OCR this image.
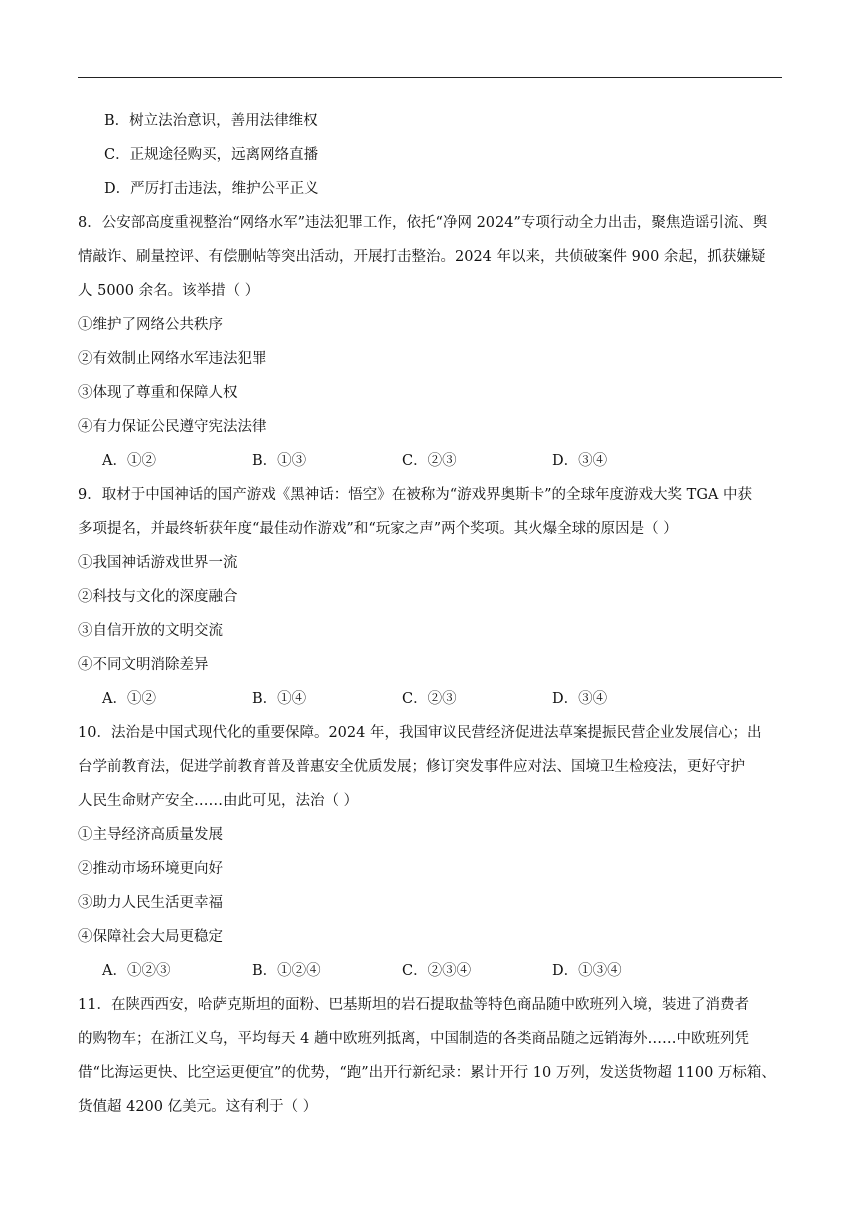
B．树立法治意识，善用法律维权
C．正规途径购买，远离网络直播
D．严厉打击违法，维护公平正义
8．公安部高度重视整治“网络水军”违法犯罪工作，依托“净网 2024”专项行动全力出击，聚焦造谣引流、舆
情敲诈、刷量控评、有偿删帖等突出活动，开展打击整治。2024 年以来，共侦破案件 900 余起，抓获嫌疑
人 5000 余名。该举措（ ）
①维护了网络公共秩序
②有效制止网络水军违法犯罪
③体现了尊重和保障人权
④有力保证公民遵守宪法法律
A．①②	B．①③	C．②③	D．③④
9．取材于中国神话的国产游戏《黑神话：悟空》在被称为“游戏界奥斯卡”的全球年度游戏大奖 TGA 中获
多项提名，并最终斩获年度“最佳动作游戏”和“玩家之声”两个奖项。其火爆全球的原因是（ ）
①我国神话游戏世界一流
②科技与文化的深度融合
③自信开放的文明交流
④不同文明消除差异
A．①②	B．①④	C．②③	D．③④
10．法治是中国式现代化的重要保障。2024 年，我国审议民营经济促进法草案提振民营企业发展信心；出
台学前教育法，促进学前教育普及普惠安全优质发展；修订突发事件应对法、国境卫生检疫法，更好守护
人民生命财产安全……由此可见，法治（ ）
①主导经济高质量发展
②推动市场环境更向好
③助力人民生活更幸福
④保障社会大局更稳定
A．①②③	B．①②④	C．②③④	D．①③④
11．在陕西西安，哈萨克斯坦的面粉、巴基斯坦的岩石提取盐等特色商品随中欧班列入境，装进了消费者
的购物车；在浙江义乌，平均每天 4 趟中欧班列抵离，中国制造的各类商品随之远销海外……中欧班列凭
借“比海运更快、比空运更便宜”的优势，“跑”出开行新纪录：累计开行 10 万列，发送货物超 1100 万标箱、
货值超 4200 亿美元。这有利于（ ）
